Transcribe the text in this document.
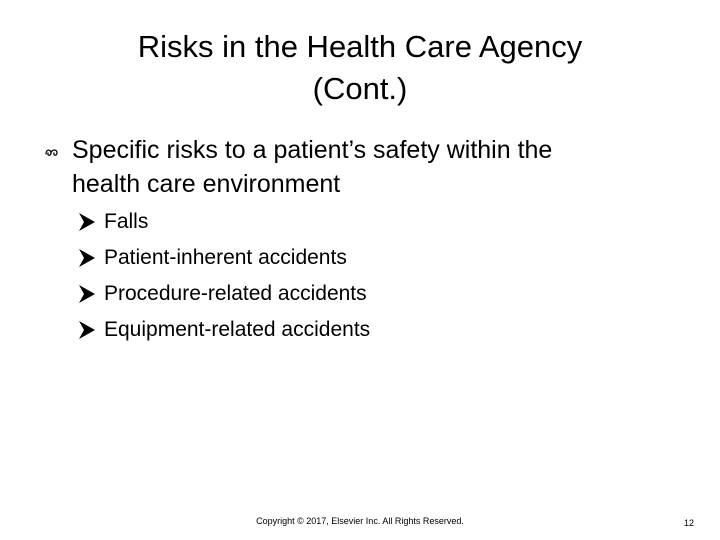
Risks in the Health Care Agency
(Cont.)
Specific risks to a patient’s safety within the
health care environment
Falls
Patient-inherent accidents
Procedure-related accidents
Equipment-related accidents
Copyright © 2017, Elsevier Inc. All Rights Reserved.	12
